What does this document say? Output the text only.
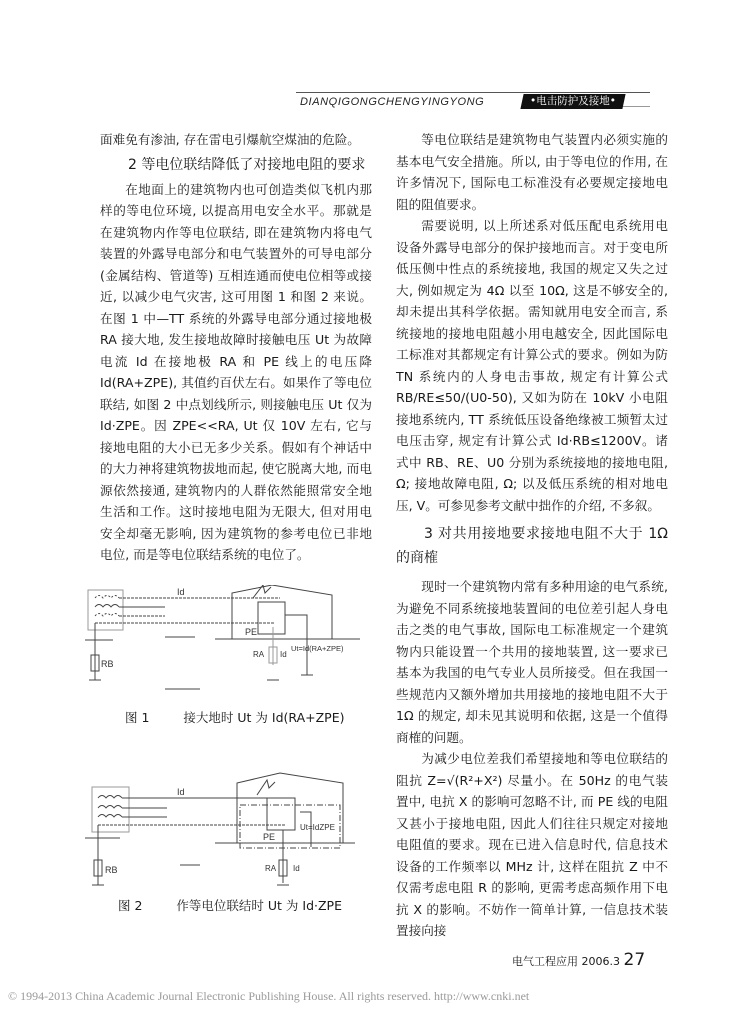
DIANQIGONGCHENGYINGYONG	•电击防护及接地•

面难免有渗油, 存在雷电引爆航空煤油的危险。

2 等电位联结降低了对接地电阻的要求

在地面上的建筑物内也可创造类似飞机内那样的等电位环境, 以提高用电安全水平。那就是在建筑物内作等电位联结, 即在建筑物内将电气装置的外露导电部分和电气装置外的可导电部分(金属结构、管道等) 互相连通而使电位相等或接近, 以减少电气灾害, 这可用图 1 和图 2 来说。在图 1 中—TT 系统的外露导电部分通过接地极 RA 接大地, 发生接地故障时接触电压 Ut 为故障电流 Id 在接地极 RA 和 PE 线上的电压降 Id(RA+ZPE), 其值约百伏左右。如果作了等电位联结, 如图 2 中点划线所示, 则接触电压 Ut 仅为 Id·ZPE。因 ZPE<<RA, Ut 仅 10V 左右, 它与接地电阻的大小已无多少关系。假如有个神话中的大力神将建筑物拔地而起, 使它脱离大地, 而电源依然接通, 建筑物内的人群依然能照常安全地生活和工作。这时接地电阻为无限大, 但对用电安全却毫无影响, 因为建筑物的参考电位已非地电位, 而是等电位联结系统的电位了。

Id
PE
RB
RA Id
Ut=Id(RA+ZPE)
图 1	接大地时 Ut 为 Id(RA+ZPE)
Id
PE
RB	RA Id
Ut=IdZPE
图 2	作等电位联结时 Ut 为 Id·ZPE

等电位联结是建筑物电气装置内必须实施的基本电气安全措施。所以, 由于等电位的作用, 在许多情况下, 国际电工标准没有必要规定接地电阻的阻值要求。

需要说明, 以上所述系对低压配电系统用电设备外露导电部分的保护接地而言。对于变电所低压侧中性点的系统接地, 我国的规定又失之过大, 例如规定为 4Ω 以至 10Ω, 这是不够安全的, 却未提出其科学依据。需知就用电安全而言, 系统接地的接地电阻越小用电越安全, 因此国际电工标准对其都规定有计算公式的要求。例如为防 TN 系统内的人身电击事故, 规定有计算公式 RB/RE≤50/(U0-50), 又如为防在 10kV 小电阻接地系统内, TT 系统低压设备绝缘被工频暂太过电压击穿, 规定有计算公式 Id·RB≤1200V。诸式中 RB、RE、U0 分别为系统接地的接地电阻, Ω; 接地故障电阻, Ω; 以及低压系统的相对地电压, V。可参见参考文献中拙作的介绍, 不多叙。

3 对共用接地要求接地电阻不大于 1Ω 的商榷

现时一个建筑物内常有多种用途的电气系统, 为避免不同系统接地装置间的电位差引起人身电击之类的电气事故, 国际电工标准规定一个建筑物内只能设置一个共用的接地装置, 这一要求已基本为我国的电气专业人员所接受。但在我国一些规范内又额外增加共用接地的接地电阻不大于 1Ω 的规定, 却未见其说明和依据, 这是一个值得商榷的问题。

为减少电位差我们希望接地和等电位联结的阻抗 Z=√(R²+X²) 尽量小。在 50Hz 的电气装置中, 电抗 X 的影响可忽略不计, 而 PE 线的电阻又甚小于接地电阻, 因此人们往往只规定对接地电阻值的要求。现在已进入信息时代, 信息技术设备的工作频率以 MHz 计, 这样在阻抗 Z 中不仅需考虑电阻 R 的影响, 更需考虑高频作用下电抗 X 的影响。不妨作一简单计算, 一信息技术装置接向接

电气工程应用 2006.3 27
© 1994-2013 China Academic Journal Electronic Publishing House. All rights reserved. http://www.cnki.net
